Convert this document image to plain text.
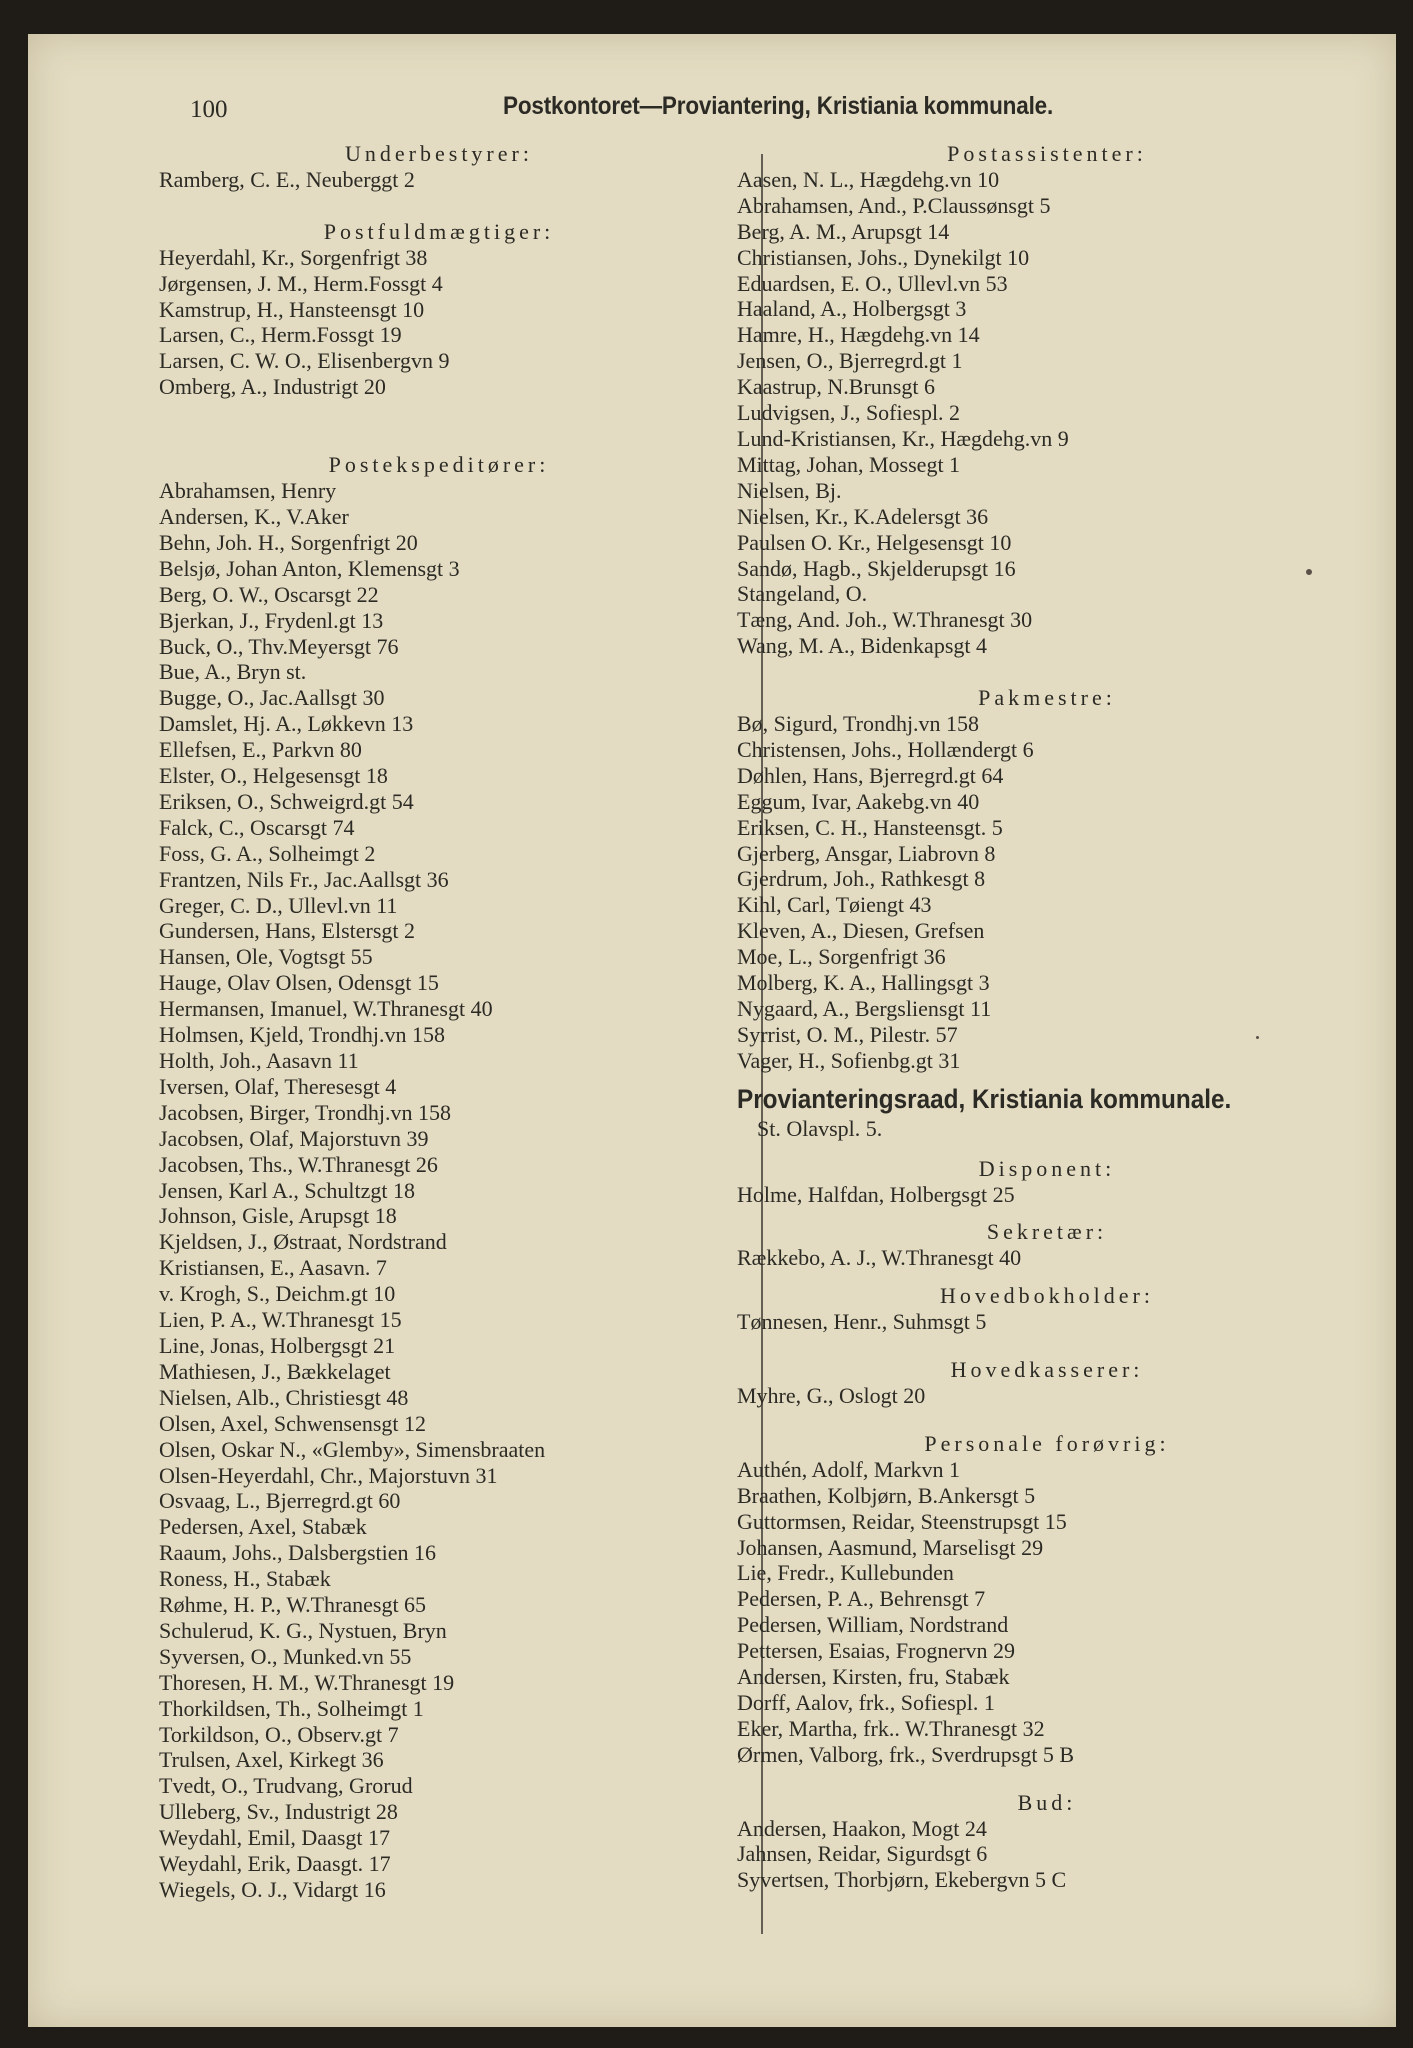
100	Postkontoret—Proviantering, Kristiania kommunale.
Underbestyrer:
Ramberg, C. E., Neuberggt 2
Postfuldmægtiger:
Heyerdahl, Kr., Sorgenfrigt 38
Jørgensen, J. M., Herm.Fossgt 4
Kamstrup, H., Hansteensgt 10
Larsen, C., Herm.Fossgt 19
Larsen, C. W. O., Elisenbergvn 9
Omberg, A., Industrigt 20
Postekspeditører:
Abrahamsen, Henry
Andersen, K., V.Aker
Behn, Joh. H., Sorgenfrigt 20
Belsjø, Johan Anton, Klemensgt 3
Berg, O. W., Oscarsgt 22
Bjerkan, J., Frydenl.gt 13
Buck, O., Thv.Meyersgt 76
Bue, A., Bryn st.
Bugge, O., Jac.Aallsgt 30
Damslet, Hj. A., Løkkevn 13
Ellefsen, E., Parkvn 80
Elster, O., Helgesensgt 18
Eriksen, O., Schweigrd.gt 54
Falck, C., Oscarsgt 74
Foss, G. A., Solheimgt 2
Frantzen, Nils Fr., Jac.Aallsgt 36
Greger, C. D., Ullevl.vn 11
Gundersen, Hans, Elstersgt 2
Hansen, Ole, Vogtsgt 55
Hauge, Olav Olsen, Odensgt 15
Hermansen, Imanuel, W.Thranesgt 40
Holmsen, Kjeld, Trondhj.vn 158
Holth, Joh., Aasavn 11
Iversen, Olaf, Theresesgt 4
Jacobsen, Birger, Trondhj.vn 158
Jacobsen, Olaf, Majorstuvn 39
Jacobsen, Ths., W.Thranesgt 26
Jensen, Karl A., Schultzgt 18
Johnson, Gisle, Arupsgt 18
Kjeldsen, J., Østraat, Nordstrand
Kristiansen, E., Aasavn. 7
v. Krogh, S., Deichm.gt 10
Lien, P. A., W.Thranesgt 15
Line, Jonas, Holbergsgt 21
Mathiesen, J., Bækkelaget
Nielsen, Alb., Christiesgt 48
Olsen, Axel, Schwensensgt 12
Olsen, Oskar N., «Glemby», Simensbraaten
Olsen-Heyerdahl, Chr., Majorstuvn 31
Osvaag, L., Bjerregrd.gt 60
Pedersen, Axel, Stabæk
Raaum, Johs., Dalsbergstien 16
Roness, H., Stabæk
Røhme, H. P., W.Thranesgt 65
Schulerud, K. G., Nystuen, Bryn
Syversen, O., Munked.vn 55
Thoresen, H. M., W.Thranesgt 19
Thorkildsen, Th., Solheimgt 1
Torkildson, O., Observ.gt 7
Trulsen, Axel, Kirkegt 36
Tvedt, O., Trudvang, Grorud
Ulleberg, Sv., Industrigt 28
Weydahl, Emil, Daasgt 17
Weydahl, Erik, Daasgt. 17
Wiegels, O. J., Vidargt 16
Postassistenter:
Aasen, N. L., Hægdehg.vn 10
Abrahamsen, And., P.Claussønsgt 5
Berg, A. M., Arupsgt 14
Christiansen, Johs., Dynekilgt 10
Eduardsen, E. O., Ullevl.vn 53
Haaland, A., Holbergsgt 3
Hamre, H., Hægdehg.vn 14
Jensen, O., Bjerregrd.gt 1
Kaastrup, N.Brunsgt 6
Ludvigsen, J., Sofiespl. 2
Lund-Kristiansen, Kr., Hægdehg.vn 9
Mittag, Johan, Mossegt 1
Nielsen, Bj.
Nielsen, Kr., K.Adelersgt 36
Paulsen O. Kr., Helgesensgt 10
Sandø, Hagb., Skjelderupsgt 16
Stangeland, O.
Tæng, And. Joh., W.Thranesgt 30
Wang, M. A., Bidenkapsgt 4
Pakmestre:
Bø, Sigurd, Trondhj.vn 158
Christensen, Johs., Hollændergt 6
Døhlen, Hans, Bjerregrd.gt 64
Eggum, Ivar, Aakebg.vn 40
Eriksen, C. H., Hansteensgt. 5
Gjerberg, Ansgar, Liabrovn 8
Gjerdrum, Joh., Rathkesgt 8
Kihl, Carl, Tøiengt 43
Kleven, A., Diesen, Grefsen
Moe, L., Sorgenfrigt 36
Molberg, K. A., Hallingsgt 3
Nygaard, A., Bergsliensgt 11
Syrrist, O. M., Pilestr. 57
Vager, H., Sofienbg.gt 31
Provianteringsraad, Kristiania kommunale.
St. Olavspl. 5.
Disponent:
Holme, Halfdan, Holbergsgt 25
Sekretær:
Rækkebo, A. J., W.Thranesgt 40
Hovedbokholder:
Tønnesen, Henr., Suhmsgt 5
Hovedkasserer:
Myhre, G., Oslogt 20
Personale forøvrig:
Authén, Adolf, Markvn 1
Braathen, Kolbjørn, B.Ankersgt 5
Guttormsen, Reidar, Steenstrupsgt 15
Johansen, Aasmund, Marselisgt 29
Lie, Fredr., Kullebunden
Pedersen, P. A., Behrensgt 7
Pedersen, William, Nordstrand
Pettersen, Esaias, Frognervn 29
Andersen, Kirsten, fru, Stabæk
Dorff, Aalov, frk., Sofiespl. 1
Eker, Martha, frk.. W.Thranesgt 32
Ørmen, Valborg, frk., Sverdrupsgt 5 B
Bud:
Andersen, Haakon, Mogt 24
Jahnsen, Reidar, Sigurdsgt 6
Syvertsen, Thorbjørn, Ekebergvn 5 C
